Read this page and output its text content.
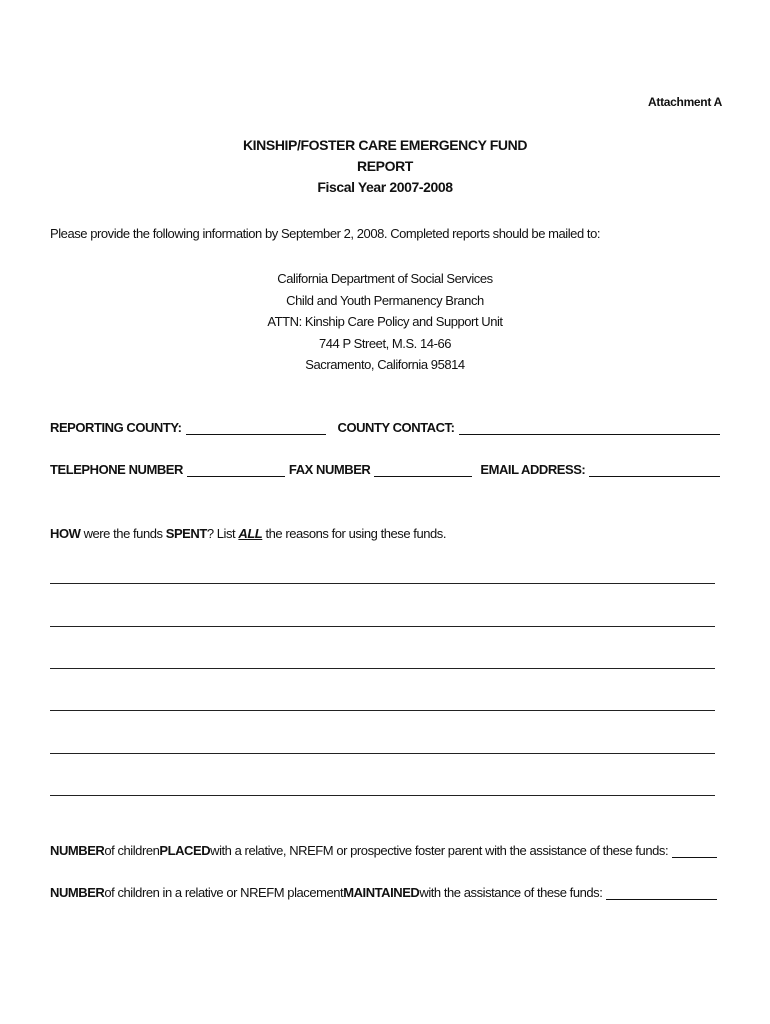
Attachment A
KINSHIP/FOSTER CARE EMERGENCY FUND
REPORT
Fiscal Year 2007-2008
Please provide the following information by September 2, 2008. Completed reports should be mailed to:
California Department of Social Services
Child and Youth Permanency Branch
ATTN: Kinship Care Policy and Support Unit
744 P Street, M.S. 14-66
Sacramento, California 95814
REPORTING COUNTY:	COUNTY CONTACT:
TELEPHONE NUMBER	FAX NUMBER	EMAIL ADDRESS:
HOW were the funds SPENT? List ALL the reasons for using these funds.
NUMBER of children PLACED with a relative, NREFM or prospective foster parent with the assistance of these funds:
NUMBER of children in a relative or NREFM placement MAINTAINED with the assistance of these funds:
